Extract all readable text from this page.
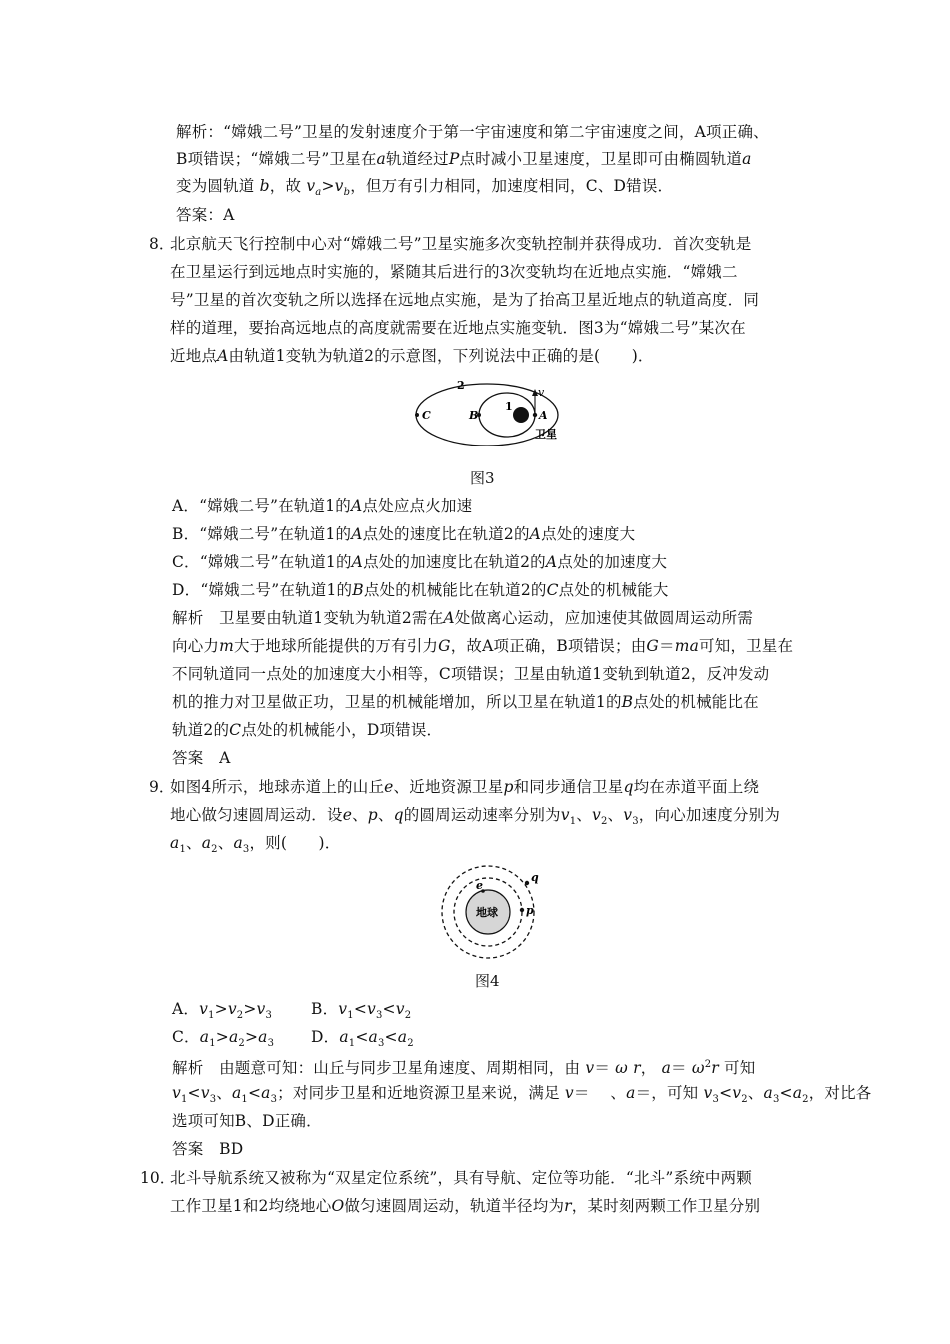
解析：“嫦娥二号”卫星的发射速度介于第一宇宙速度和第二宇宙速度之间，A项正确、
B项错误；“嫦娥二号”卫星在a轨道经过P点时减小卫星速度，卫星即可由椭圆轨道a
变为圆轨道 b，故 $v_a>v_b$，但万有引力相同，加速度相同，C、D错误．
答案：A
8．
北京航天飞行控制中心对“嫦娥二号”卫星实施多次变轨控制并获得成功．首次变轨是
在卫星运行到远地点时实施的，紧随其后进行的3次变轨均在近地点实施．“嫦娥二
号”卫星的首次变轨之所以选择在远地点实施，是为了抬高卫星近地点的轨道高度．同
样的道理，要抬高远地点的高度就需要在近地点实施变轨．图3为“嫦娥二号”某次在
近地点A由轨道1变轨为轨道2的示意图，下列说法中正确的是(　　)．
2
1
C	B	A
v
卫星
图3
A．“嫦娥二号”在轨道1的A点处应点火加速
B．“嫦娥二号”在轨道1的A点处的速度比在轨道2的A点处的速度大
C．“嫦娥二号”在轨道1的A点处的加速度比在轨道2的A点处的加速度大
D．“嫦娥二号”在轨道1的B点处的机械能比在轨道2的C点处的机械能大
解析　卫星要由轨道1变轨为轨道2需在A处做离心运动，应加速使其做圆周运动所需
向心力m大于地球所能提供的万有引力G，故A项正确，B项错误；由G＝ma可知，卫星在
不同轨道同一点处的加速度大小相等，C项错误；卫星由轨道1变轨到轨道2，反冲发动
机的推力对卫星做正功，卫星的机械能增加，所以卫星在轨道1的B点处的机械能比在
轨道2的C点处的机械能小，D项错误．
答案　A
9．
如图4所示，地球赤道上的山丘e、近地资源卫星p和同步通信卫星q均在赤道平面上绕
地心做匀速圆周运动．设e、p、q的圆周运动速率分别为$v_1$、$v_2$、$v_3$，向心加速度分别为
$a_1$、$a_2$、$a_3$，则(　　)．
地球
e
p
q
图4
A．$v_1>v_2>v_3$	B．$v_1<v_3<v_2$
C．$a_1>a_2>a_3$ D．$a_1<a_3<a_2$
解析　由题意可知：山丘与同步卫星角速度、周期相同，由 v＝ ω r， $a= \omega^2r$ 可知
$v_1<v_3$、$a_1<a_3$；对同步卫星和近地资源卫星来说，满足 v＝ 　、a＝，可知 $v_3<v_2$、$a_3<a_2$，对比各
选项可知B、D正确．
答案　BD
10．
北斗导航系统又被称为“双星定位系统”，具有导航、定位等功能．“北斗”系统中两颗
工作卫星1和2均绕地心O做匀速圆周运动，轨道半径均为r，某时刻两颗工作卫星分别
